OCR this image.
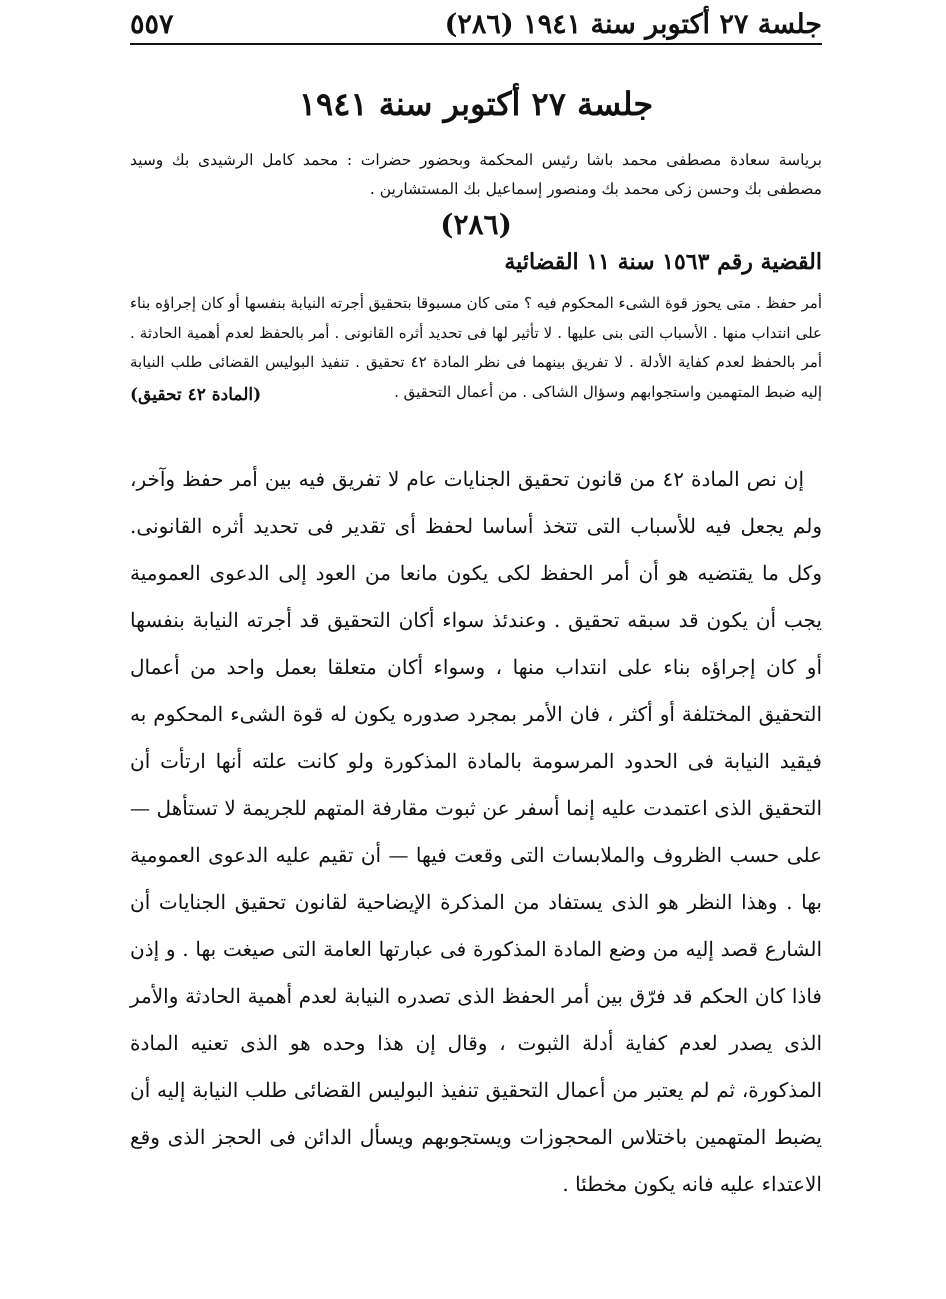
جلسة ٢٧ أكتوبر سنة ١٩٤١ (٢٨٦)
٥٥٧
جلسة ٢٧ أكتوبر سنة ١٩٤١
برياسة سعادة مصطفى محمد باشا رئيس المحكمة وبحضور حضرات : محمد كامل الرشيدى بك وسيد مصطفى بك وحسن زكى محمد بك ومنصور إسماعيل بك المستشارين .
(٢٨٦)
القضية رقم ١٥٦٣ سنة ١١ القضائية
أمر حفظ . متى يحوز قوة الشىء المحكوم فيه ؟ متى كان مسبوقا بتحقيق أجرته النيابة بنفسها أو كان إجراؤه بناء على انتداب منها . الأسباب التى بنى عليها . لا تأثير لها فى تحديد أثره القانونى . أمر بالحفظ لعدم أهمية الحادثة . أمر بالحفظ لعدم كفاية الأدلة . لا تفريق بينهما فى نظر المادة ٤٢ تحقيق . تنفيذ البوليس القضائى طلب النيابة إليه ضبط المتهمين واستجوابهم وسؤال الشاكى . من أعمال التحقيق .
(المادة ٤٢ تحقيق)
إن نص المادة ٤٢ من قانون تحقيق الجنايات عام لا تفريق فيه بين أمر حفظ وآخر، ولم يجعل فيه للأسباب التى تتخذ أساسا لحفظ أى تقدير فى تحديد أثره القانونى. وكل ما يقتضيه هو أن أمر الحفظ لكى يكون مانعا من العود إلى الدعوى العمومية يجب أن يكون قد سبقه تحقيق . وعندئذ سواء أكان التحقيق قد أجرته النيابة بنفسها أو كان إجراؤه بناء على انتداب منها ، وسواء أكان متعلقا بعمل واحد من أعمال التحقيق المختلفة أو أكثر ، فان الأمر بمجرد صدوره يكون له قوة الشىء المحكوم به فيقيد النيابة فى الحدود المرسومة بالمادة المذكورة ولو كانت علته أنها ارتأت أن التحقيق الذى اعتمدت عليه إنما أسفر عن ثبوت مقارفة المتهم للجريمة لا تستأهل — على حسب الظروف والملابسات التى وقعت فيها — أن تقيم عليه الدعوى العمومية بها . وهذا النظر هو الذى يستفاد من المذكرة الإيضاحية لقانون تحقيق الجنايات أن الشارع قصد إليه من وضع المادة المذكورة فى عبارتها العامة التى صيغت بها . و إذن فاذا كان الحكم قد فرّق بين أمر الحفظ الذى تصدره النيابة لعدم أهمية الحادثة والأمر الذى يصدر لعدم كفاية أدلة الثبوت ، وقال إن هذا وحده هو الذى تعنيه المادة المذكورة، ثم لم يعتبر من أعمال التحقيق تنفيذ البوليس القضائى طلب النيابة إليه أن يضبط المتهمين باختلاس المحجوزات ويستجوبهم ويسأل الدائن فى الحجز الذى وقع الاعتداء عليه فانه يكون مخطئا .
